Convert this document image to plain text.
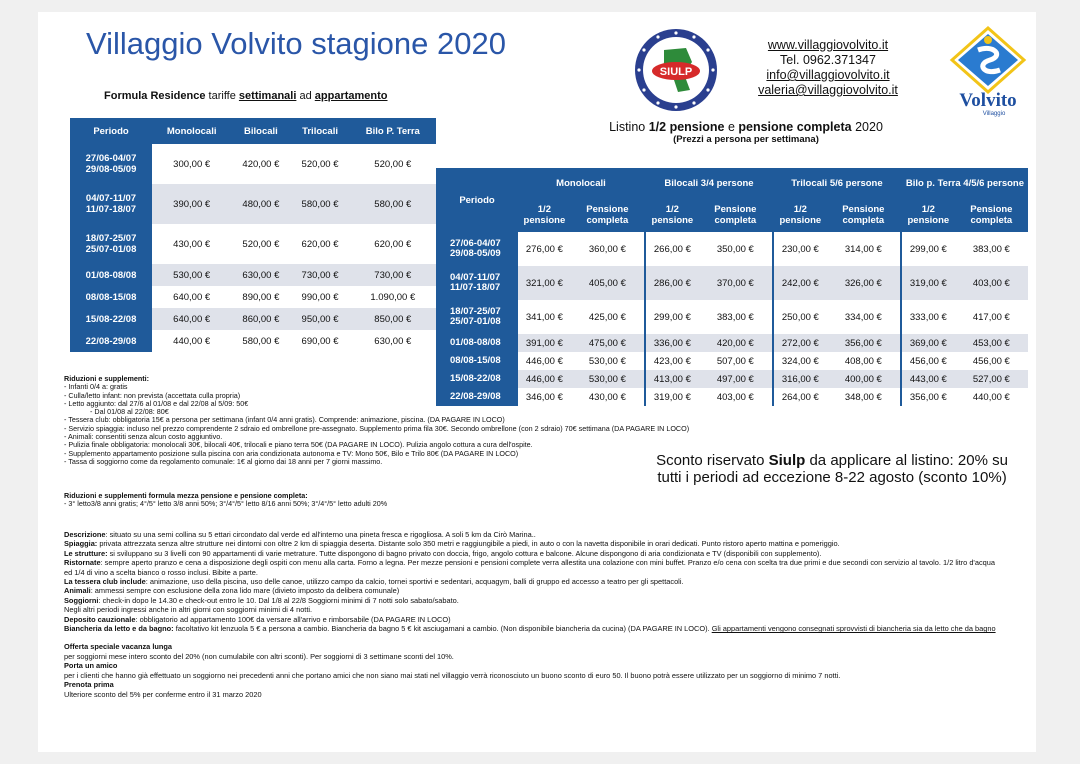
Villaggio Volvito stagione 2020
Formula Residence tariffe settimanali ad appartamento
SIULP
www.villaggiovolvito.it
Tel. 0962.371347
info@villaggiovolvito.it
valeria@villaggiovolvito.it	Volvito
Villaggio
Listino 1/2 pensione e pensione completa 2020
(Prezzi a persona per settimana)
Periodo	Monolocali	Bilocali	Trilocali	Bilo P. Terra
27/06-04/07
29/08-05/09	300,00 €	420,00 €	520,00 €	520,00 €
04/07-11/07
11/07-18/07	390,00 €	480,00 €	580,00 €	580,00 €
18/07-25/07
25/07-01/08	430,00 €	520,00 €	620,00 €	620,00 €
01/08-08/08	530,00 €	630,00 €	730,00 €	730,00 €
08/08-15/08	640,00 €	890,00 €	990,00 €	1.090,00 €
15/08-22/08	640,00 €	860,00 €	950,00 €	850,00 €
22/08-29/08	440,00 €	580,00 €	690,00 €	630,00 €
Periodo	Monolocali		Bilocali 3/4 persone		Trilocali 5/6 persone		Bilo p. Terra 4/5/6 persone	
	1/2 pensione	Pensione completa	1/2 pensione	Pensione completa	1/2 pensione	Pensione completa	1/2 pensione	Pensione completa
27/06-04/07
29/08-05/09	276,00 €	360,00 €	266,00 €	350,00 €	230,00 €	314,00 €	299,00 €	383,00 €
04/07-11/07
11/07-18/07	321,00 €	405,00 €	286,00 €	370,00 €	242,00 €	326,00 €	319,00 €	403,00 €
18/07-25/07
25/07-01/08	341,00 €	425,00 €	299,00 €	383,00 €	250,00 €	334,00 €	333,00 €	417,00 €
01/08-08/08	391,00 €	475,00 €	336,00 €	420,00 €	272,00 €	356,00 €	369,00 €	453,00 €
08/08-15/08	446,00 €	530,00 €	423,00 €	507,00 €	324,00 €	408,00 €	456,00 €	456,00 €
15/08-22/08	446,00 €	530,00 €	413,00 €	497,00 €	316,00 €	400,00 €	443,00 €	527,00 €
22/08-29/08	346,00 €	430,00 €	319,00 €	403,00 €	264,00 €	348,00 €	356,00 €	440,00 €
Riduzioni e supplementi:
- Infanti 0/4 a: gratis
- Culla/letto infant: non prevista (accettata culla propria)
- Letto aggiunto: dal 27/6 al 01/08 e dal 22/08 al 5/09: 50€
- Dal 01/08 al 22/08: 80€
- Tessera club: obbligatoria 15€ a persona per settimana (infant 0/4 anni gratis). Comprende: animazione, piscina. (DA PAGARE IN LOCO)
- Servizio spiaggia: incluso nel prezzo comprendente 2 sdraio ed ombrellone pre-assegnato. Supplemento prima fila 30€. Secondo ombrellone (con 2 sdraio) 70€ settimana (DA PAGARE IN LOCO)
- Animali: consentiti senza alcun costo aggiuntivo.
- Pulizia finale obbligatoria: monolocali 30€, bilocali 40€, trilocali e piano terra 50€ (DA PAGARE IN LOCO). Pulizia angolo cottura a cura dell'ospite.
- Supplemento appartamento posizione sulla piscina con aria condizionata autonoma e TV: Mono 50€, Bilo e Trilo 80€ (DA PAGARE IN LOCO)
- Tassa di soggiorno come da regolamento comunale: 1€ al giorno dai 18 anni per 7 giorni massimo.
Riduzioni e supplementi formula mezza pensione e pensione completa:
- 3° letto3/8 anni gratis; 4°/5° letto 3/8 anni 50%; 3°/4°/5° letto 8/16 anni 50%; 3°/4°/5° letto adulti 20%
Sconto riservato Siulp da applicare al listino: 20% su tutti i periodi ad eccezione 8-22 agosto (sconto 10%)
Descrizione: situato su una semi collina su 5 ettari circondato dal verde ed all'interno una pineta fresca e rigogliosa. A soli 5 km da Cirò Marina..
Spiaggia: privata attrezzata senza altre strutture nei dintorni con oltre 2 km di spiaggia deserta. Distante solo 350 metri e raggiungibile a piedi, in auto o con la navetta disponibile in orari dedicati. Punto ristoro aperto mattina e pomeriggio.
Le strutture: si sviluppano su 3 livelli con 90 appartamenti di varie metrature. Tutte dispongono di bagno privato con doccia, frigo, angolo cottura e balcone. Alcune dispongono di aria condizionata e TV (disponibili con supplemento).
Ristornate: sempre aperto pranzo e cena a disposizione degli ospiti con menu alla carta. Forno a legna. Per mezze pensioni e pensioni complete verra allestita una colazione con mini buffet. Pranzo e/o cena con scelta tra due primi e due secondi con servizio al tavolo. 1/2 litro d'acqua ed 1/4 di vino a scelta bianco o rosso inclusi. Bibite a parte.
La tessera club include: animazione, uso della piscina, uso delle canoe, utilizzo campo da calcio, tornei sportivi e sedentari, acquagym, balli di gruppo ed accesso a teatro per gli spettacoli.
Animali: ammessi sempre con esclusione della zona lido mare (divieto imposto da delibera comunale)
Soggiorni: check-in dopo le 14.30 e check-out entro le 10. Dal 1/8 al 22/8 Soggiorni minimi di 7 notti solo sabato/sabato.
Negli altri periodi ingressi anche in altri giorni con soggiorni minimi di 4 notti.
Deposito cauzionale: obbligatorio ad appartamento 100€ da versare all'arrivo e rimborsabile (DA PAGARE IN LOCO)
Biancheria da letto e da bagno: facoltativo kit lenzuola 5 € a persona a cambio. Biancheria da bagno 5 € kit asciugamani a cambio. (Non disponibile biancheria da cucina) (DA PAGARE IN LOCO). Gli appartamenti vengono consegnati sprovvisti di biancheria sia da letto che da bagno
Offerta speciale vacanza lunga
per soggiorni mese intero sconto del 20% (non cumulabile con altri sconti). Per soggiorni di 3 settimane sconti del 10%.
Porta un amico
per i clienti che hanno già effettuato un soggiorno nei precedenti anni che portano amici che non siano mai stati nel villaggio verrà riconosciuto un buono sconto di euro 50. Il buono potrà essere utilizzato per un soggiorno di minimo 7 notti.
Prenota prima
Ulteriore sconto del 5% per conferme entro il 31 marzo 2020
